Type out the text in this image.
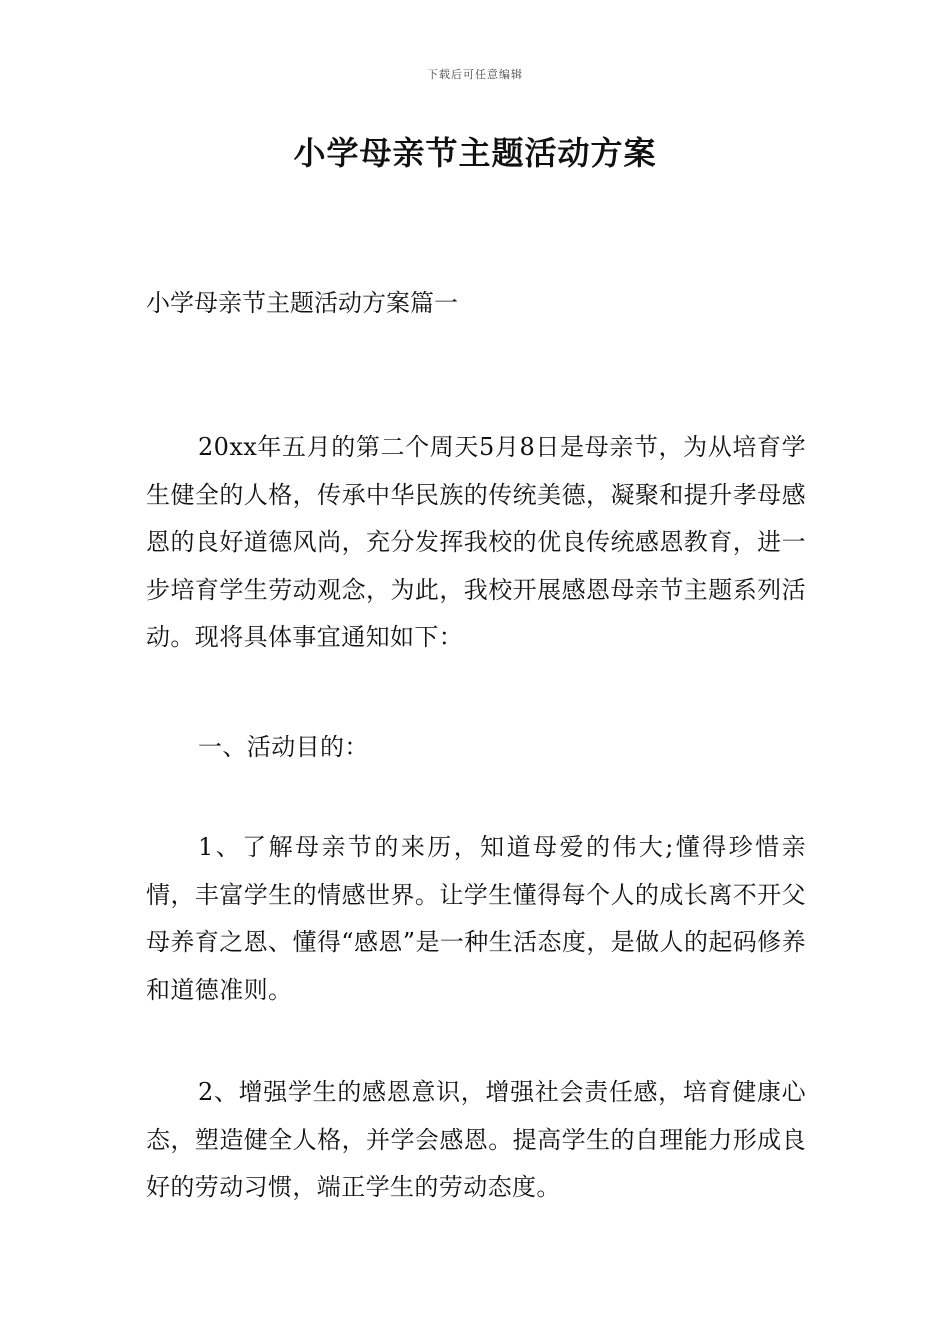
下载后可任意编辑
小学母亲节主题活动方案
小学母亲节主题活动方案篇一

20xx年五月的第二个周天5月8日是母亲节，为从培育学生健全的人格，传承中华民族的传统美德，凝聚和提升孝母感恩的良好道德风尚，充分发挥我校的优良传统感恩教育，进一步培育学生劳动观念，为此，我校开展感恩母亲节主题系列活动。现将具体事宜通知如下：

一、活动目的：

1、了解母亲节的来历，知道母爱的伟大;懂得珍惜亲情，丰富学生的情感世界。让学生懂得每个人的成长离不开父母养育之恩、懂得“感恩”是一种生活态度，是做人的起码修养和道德准则。

2、增强学生的感恩意识，增强社会责任感，培育健康心态，塑造健全人格，并学会感恩。提高学生的自理能力形成良好的劳动习惯，端正学生的劳动态度。
